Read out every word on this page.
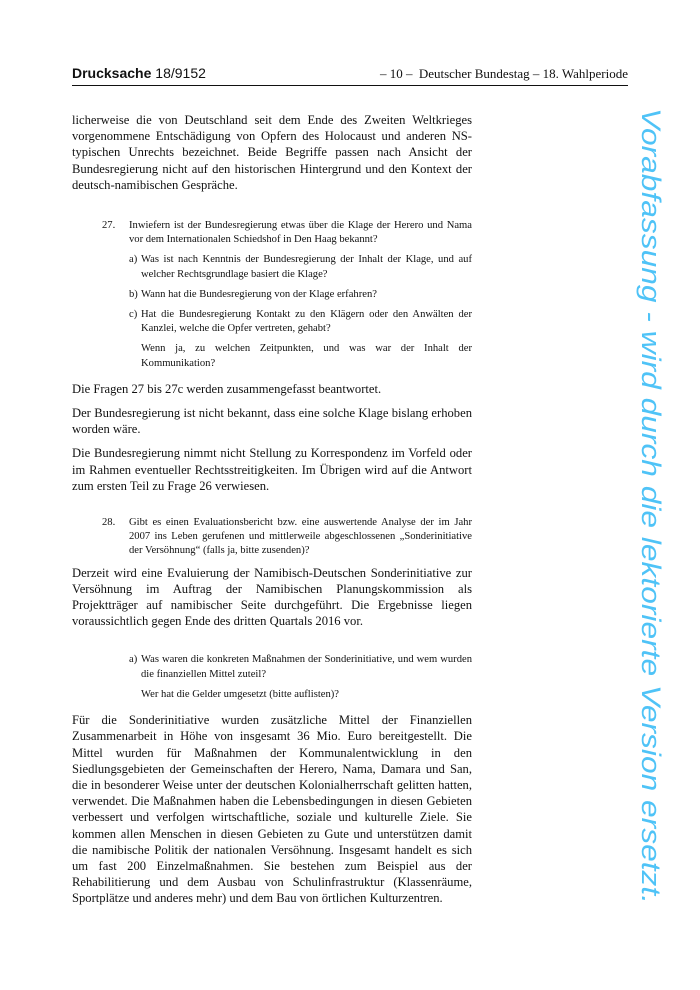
Drucksache 18/9152	– 10 – Deutscher Bundestag – 18. Wahlperiode

licherweise die von Deutschland seit dem Ende des Zweiten Weltkrieges vorgenommene Entschädigung von Opfern des Holocaust und anderen NS-typischen Unrechts bezeichnet. Beide Begriffe passen nach Ansicht der Bundesregierung nicht auf den historischen Hintergrund und den Kontext der deutsch-namibischen Gespräche.

27. Inwiefern ist der Bundesregierung etwas über die Klage der Herero und Nama vor dem Internationalen Schiedshof in Den Haag bekannt?
a) Was ist nach Kenntnis der Bundesregierung der Inhalt der Klage, und auf welcher Rechtsgrundlage basiert die Klage?
b) Wann hat die Bundesregierung von der Klage erfahren?
c) Hat die Bundesregierung Kontakt zu den Klägern oder den Anwälten der Kanzlei, welche die Opfer vertreten, gehabt?
Wenn ja, zu welchen Zeitpunkten, und was war der Inhalt der Kommunikation?

Die Fragen 27 bis 27c werden zusammengefasst beantwortet.

Der Bundesregierung ist nicht bekannt, dass eine solche Klage bislang erhoben worden wäre.

Die Bundesregierung nimmt nicht Stellung zu Korrespondenz im Vorfeld oder im Rahmen eventueller Rechtsstreitigkeiten. Im Übrigen wird auf die Antwort zum ersten Teil zu Frage 26 verwiesen.

28. Gibt es einen Evaluationsbericht bzw. eine auswertende Analyse der im Jahr 2007 ins Leben gerufenen und mittlerweile abgeschlossenen „Sonderinitiative der Versöhnung“ (falls ja, bitte zusenden)?

Derzeit wird eine Evaluierung der Namibisch-Deutschen Sonderinitiative zur Versöhnung im Auftrag der Namibischen Planungskommission als Projektträger auf namibischer Seite durchgeführt. Die Ergebnisse liegen voraussichtlich gegen Ende des dritten Quartals 2016 vor.

a) Was waren die konkreten Maßnahmen der Sonderinitiative, und wem wurden die finanziellen Mittel zuteil?
Wer hat die Gelder umgesetzt (bitte auflisten)?

Für die Sonderinitiative wurden zusätzliche Mittel der Finanziellen Zusammenarbeit in Höhe von insgesamt 36 Mio. Euro bereitgestellt. Die Mittel wurden für Maßnahmen der Kommunalentwicklung in den Siedlungsgebieten der Gemeinschaften der Herero, Nama, Damara und San, die in besonderer Weise unter der deutschen Kolonialherrschaft gelitten hatten, verwendet. Die Maßnahmen haben die Lebensbedingungen in diesen Gebieten verbessert und verfolgen wirtschaftliche, soziale und kulturelle Ziele. Sie kommen allen Menschen in diesen Gebieten zu Gute und unterstützen damit die namibische Politik der nationalen Versöhnung. Insgesamt handelt es sich um fast 200 Einzelmaßnahmen. Sie bestehen zum Beispiel aus der Rehabilitierung und dem Ausbau von Schulinfrastruktur (Klassenräume, Sportplätze und anderes mehr) und dem Bau von örtlichen Kulturzentren.

Vorabfassung - wird durch die lektorierte Version ersetzt.
